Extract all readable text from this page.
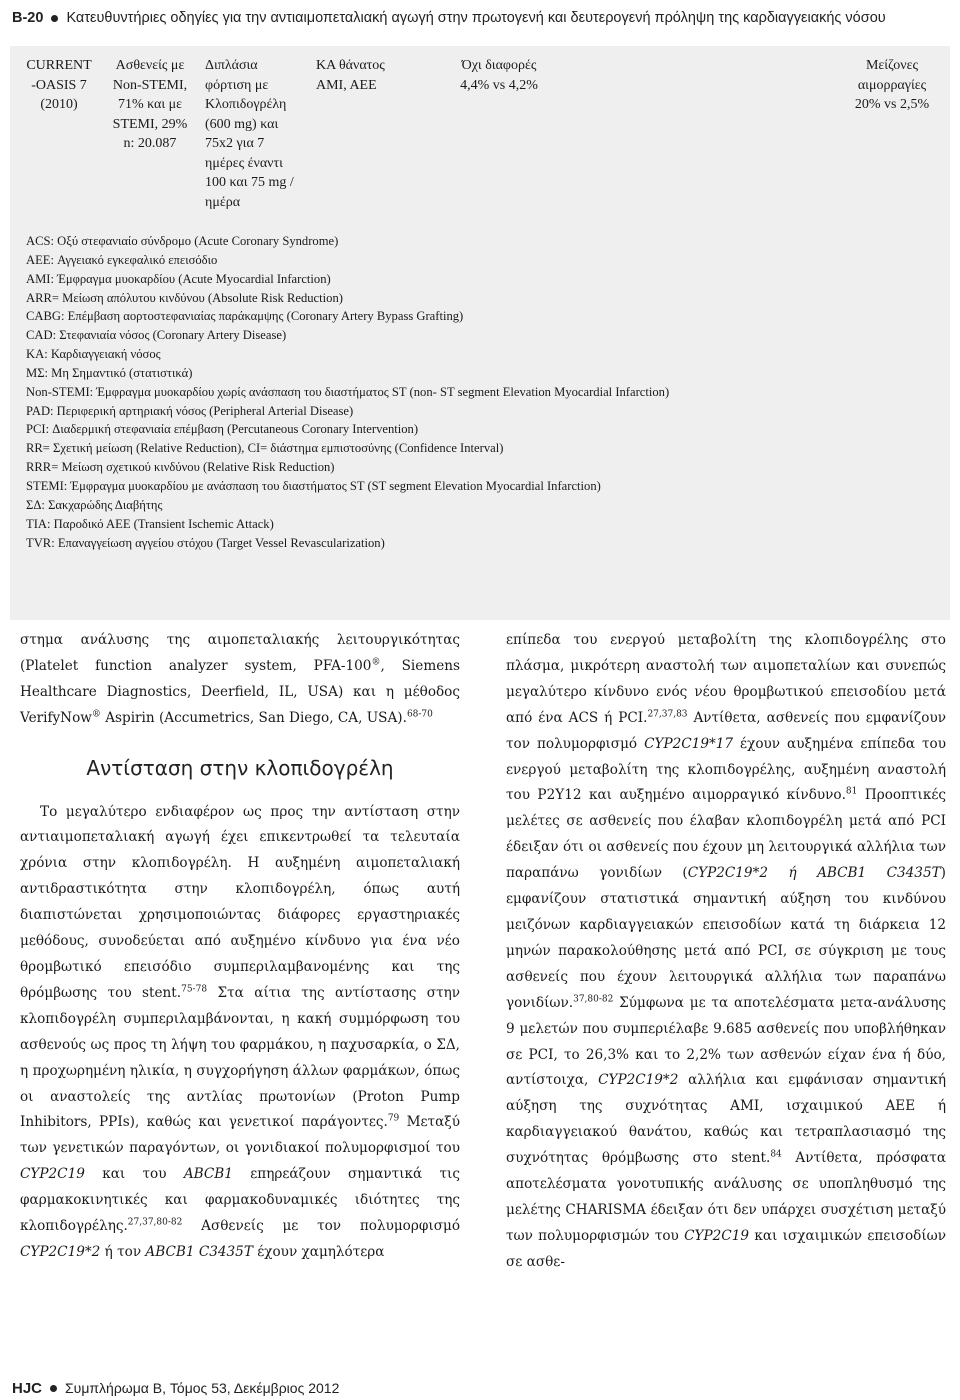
B-20 Κατευθυντήριες οδηγίες για την αντιαιμοπεταλιακή αγωγή στην πρωτογενή και δευτερογενή πρόληψη της καρδιαγγειακής νόσου
CURRENT
-OASIS 7
(2010)
Ασθενείς με
Non-STEMI,
71% και με
STEMI, 29%
n: 20.087
Διπλάσια
φόρτιση με
Κλοπιδογρέλη
(600 mg) και
75x2 για 7
ημέρες έναντι
100 και 75 mg /
ημέρα
ΚΑ θάνατος
AMI, AEE
Όχι διαφορές
4,4% vs 4,2%
Μείζονες
αιμορραγίες
20% vs 2,5%
ACS: Οξύ στεφανιαίο σύνδρομο (Acute Coronary Syndrome)
AEE: Αγγειακό εγκεφαλικό επεισόδιο
AMI: Έμφραγμα μυοκαρδίου (Acute Myocardial Infarction)
ARR= Μείωση απόλυτου κινδύνου (Absolute Risk Reduction)
CABG: Επέμβαση αορτοστεφανιαίας παράκαμψης (Coronary Artery Bypass Grafting)
CAD: Στεφανιαία νόσος (Coronary Artery Disease)
ΚΑ: Καρδιαγγειακή νόσος
ΜΣ: Μη Σημαντικό (στατιστικά)
Non-STEMI: Έμφραγμα μυοκαρδίου χωρίς ανάσπαση του διαστήματος ST (non- ST segment Elevation Myocardial Infarction)
PAD: Περιφερική αρτηριακή νόσος (Peripheral Arterial Disease)
PCI: Διαδερμική στεφανιαία επέμβαση (Percutaneous Coronary Intervention)
RR= Σχετική μείωση (Relative Reduction), CI= διάστημα εμπιστοσύνης (Confidence Interval)
RRR= Μείωση σχετικού κινδύνου (Relative Risk Reduction)
STEMI: Έμφραγμα μυοκαρδίου με ανάσπαση του διαστήματος ST (ST segment Elevation Myocardial Infarction)
ΣΔ: Σακχαρώδης Διαβήτης
TIA: Παροδικό ΑΕΕ (Transient Ischemic Attack)
TVR: Επαναγγείωση αγγείου στόχου (Target Vessel Revascularization)

στημα ανάλυσης της αιμοπεταλιακής λειτουργικότητας (Platelet function analyzer system, PFA-100®, Siemens Healthcare Diagnostics, Deerfield, IL, USA) και η μέθοδος VerifyNow® Aspirin (Accumetrics, San Diego, CA, USA).$^{68-70}$

Αντίσταση στην κλοπιδογρέλη

Το μεγαλύτερο ενδιαφέρον ως προς την αντίσταση στην αντιαιμοπεταλιακή αγωγή έχει επικεντρωθεί τα τελευταία χρόνια στην κλοπιδογρέλη. Η αυξημένη αιμοπεταλιακή αντιδραστικότητα στην κλοπιδογρέλη, όπως αυτή διαπιστώνεται χρησιμοποιώντας διάφορες εργαστηριακές μεθόδους, συνοδεύεται από αυξημένο κίνδυνο για ένα νέο θρομβωτικό επεισόδιο συμπεριλαμβανομένης και της θρόμβωσης του stent.$^{75-78}$ Στα αίτια της αντίστασης στην κλοπιδογρέλη συμπεριλαμβάνονται, η κακή συμμόρφωση του ασθενούς ως προς τη λήψη του φαρμάκου, η παχυσαρκία, ο ΣΔ, η προχωρημένη ηλικία, η συγχορήγηση άλλων φαρμάκων, όπως οι αναστολείς της αντλίας πρωτονίων (Proton Pump Inhibitors, PPIs), καθώς και γενετικοί παράγοντες.$^{79}$ Μεταξύ των γενετικών παραγόντων, οι γονιδιακοί πολυμορφισμοί του CYP2C19 και του ABCB1 επηρεάζουν σημαντικά τις φαρμακοκινητικές και φαρμακοδυναμικές ιδιότητες της κλοπιδογρέλης.$^{27,37,80-82}$ Ασθενείς με τον πολυμορφισμό CYP2C19*2 ή τον ABCB1 C3435T έχουν χαμηλότερα

επίπεδα του ενεργού μεταβολίτη της κλοπιδογρέλης στο πλάσμα, μικρότερη αναστολή των αιμοπεταλίων και συνεπώς μεγαλύτερο κίνδυνο ενός νέου θρομβωτικού επεισοδίου μετά από ένα ACS ή PCI.$^{27,37,83}$ Αντίθετα, ασθενείς που εμφανίζουν τον πολυμορφισμό CYP2C19*17 έχουν αυξημένα επίπεδα του ενεργού μεταβολίτη της κλοπιδογρέλης, αυξημένη αναστολή του P2Y12 και αυξημένο αιμορραγικό κίνδυνο.$^{81}$ Προοπτικές μελέτες σε ασθενείς που έλαβαν κλοπιδογρέλη μετά από PCI έδειξαν ότι οι ασθενείς που έχουν μη λειτουργικά αλλήλια των παραπάνω γονιδίων (CYP2C19*2 ή ABCB1 C3435T) εμφανίζουν στατιστικά σημαντική αύξηση του κινδύνου μειζόνων καρδιαγγειακών επεισοδίων κατά τη διάρκεια 12 μηνών παρακολούθησης μετά από PCI, σε σύγκριση με τους ασθενείς που έχουν λειτουργικά αλλήλια των παραπάνω γονιδίων.$^{37,80-82}$ Σύμφωνα με τα αποτελέσματα μετα-ανάλυσης 9 μελετών που συμπεριέλαβε 9.685 ασθενείς που υποβλήθηκαν σε PCI, το 26,3% και το 2,2% των ασθενών είχαν ένα ή δύο, αντίστοιχα, CYP2C19*2 αλλήλια και εμφάνισαν σημαντική αύξηση της συχνότητας AMI, ισχαιμικού ΑΕΕ ή καρδιαγγειακού θανάτου, καθώς και τετραπλασιασμό της συχνότητας θρόμβωσης στο stent.$^{84}$ Αντίθετα, πρόσφατα αποτελέσματα γονοτυπικής ανάλυσης σε υποπληθυσμό της μελέτης CHARISMA έδειξαν ότι δεν υπάρχει συσχέτιση μεταξύ των πολυμορφισμών του CYP2C19 και ισχαιμικών επεισοδίων σε ασθε-

HJC Συμπλήρωμα B, Τόμος 53, Δεκέμβριος 2012
